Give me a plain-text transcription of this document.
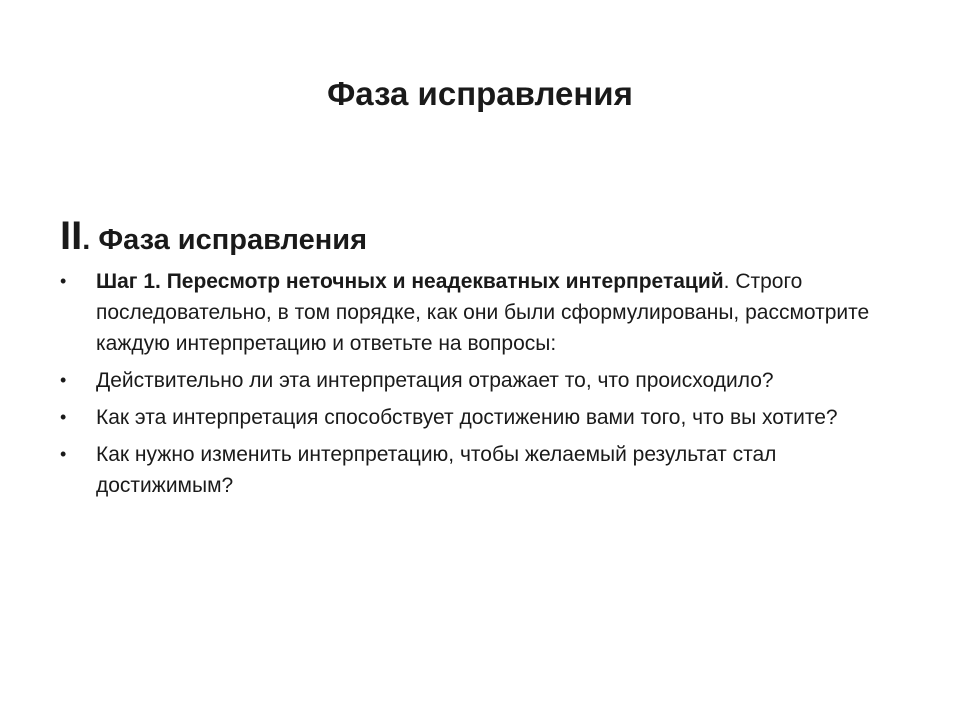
Фаза исправления
II. Фаза исправления
•	Шаг 1. Пересмотр неточных и неадекватных интерпретаций. Строго последовательно, в том порядке, как они были сформулированы, рассмотрите каждую интерпретацию и ответьте на вопросы:
•	Действительно ли эта интерпретация отражает то, что происходило?
•	Как эта интерпретация способствует достижению вами того, что вы хотите?
•	Как нужно изменить интерпретацию, чтобы желаемый результат стал достижимым?
